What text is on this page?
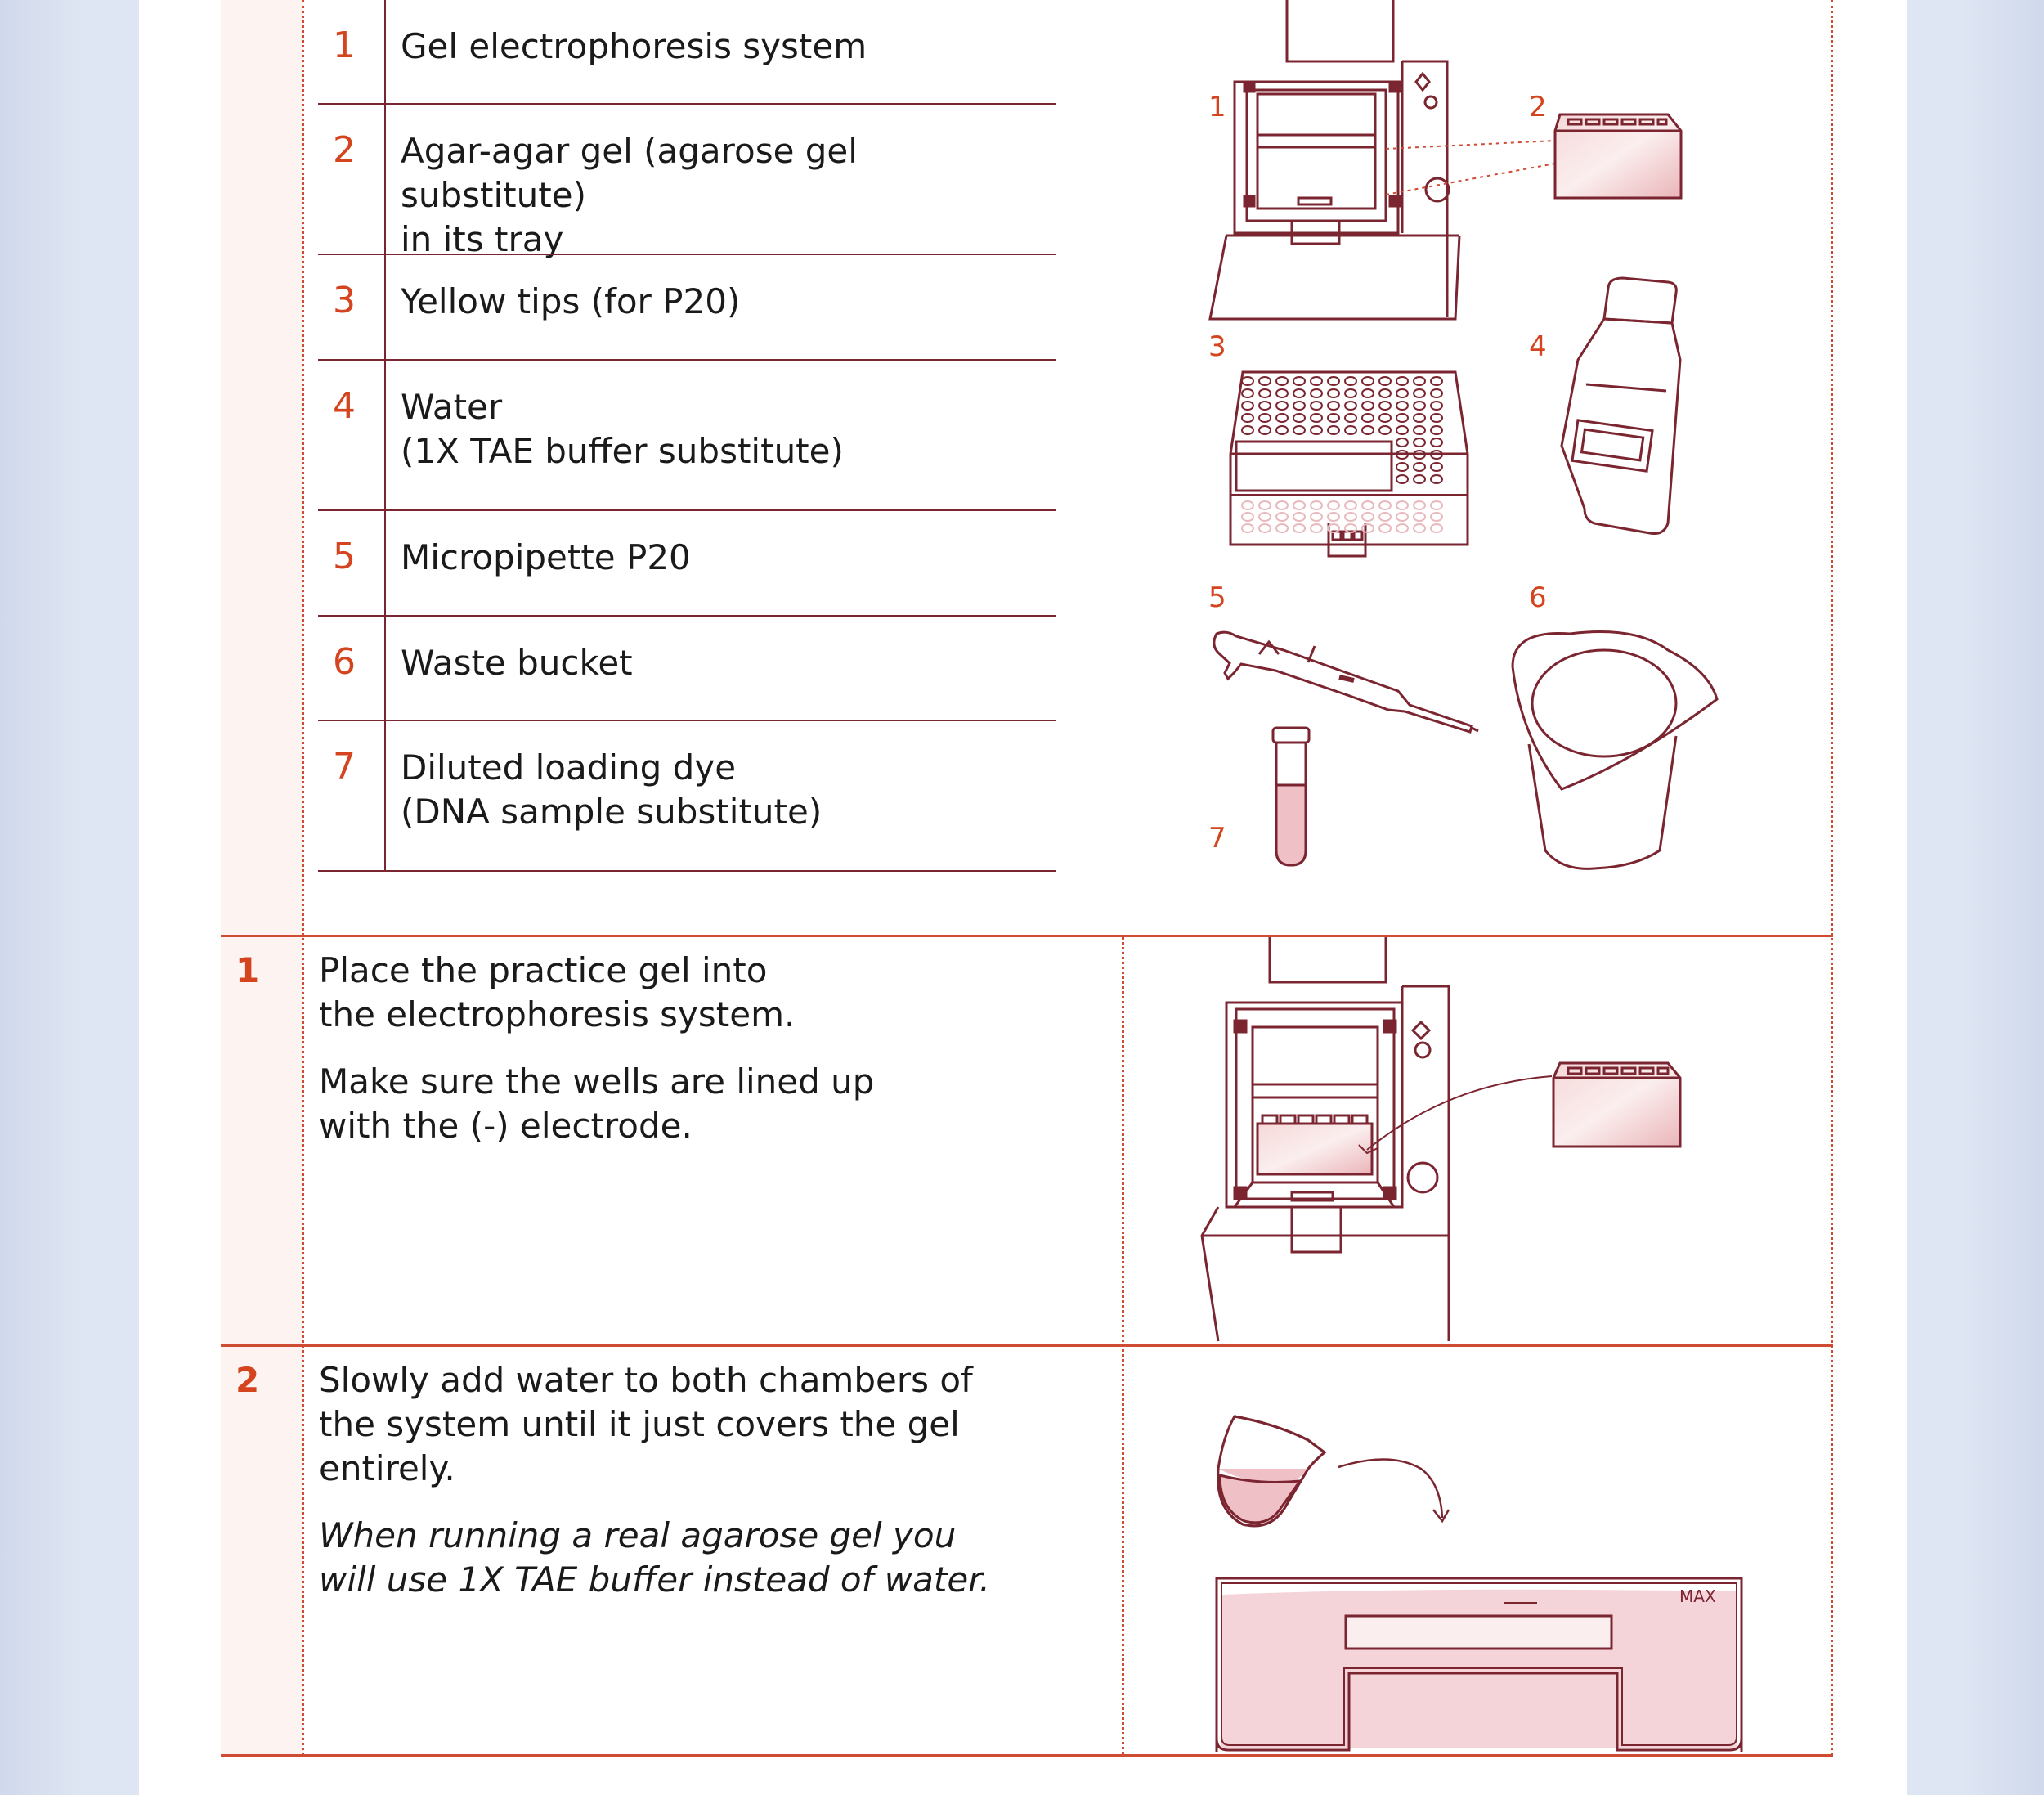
1	Gel electrophoresis system
2	Agar-agar gel (agarose gel substitute)
in its tray
3	Yellow tips (for P20)
4	Water
(1X TAE buffer substitute)
5	Micropipette P20
6	Waste bucket
7	Diluted loading dye
(DNA sample substitute)
1	2
3	4
5	6
7
1 Place the practice gel into the electrophoresis system.

Make sure the wells are lined up with the (-) electrode.

2 Slowly add water to both chambers of the system until it just covers the gel entirely.

When running a real agarose gel you will use 1X TAE buffer instead of water.	MAX
